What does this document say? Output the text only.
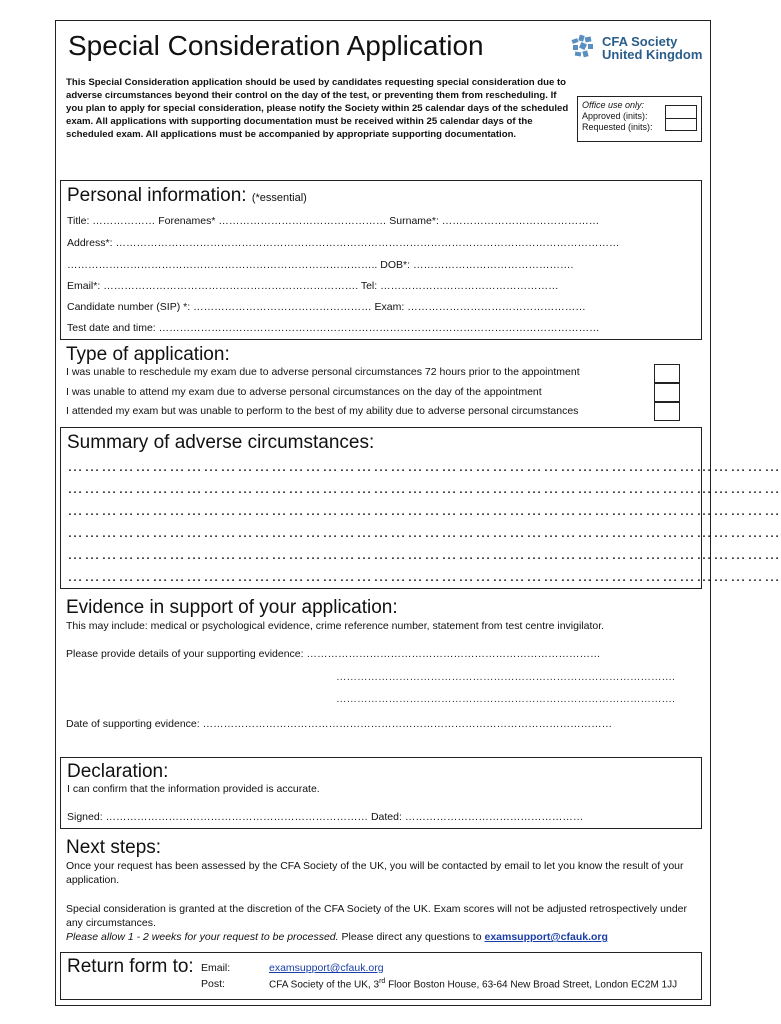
Special Consideration Application	CFA Society
United Kingdom
This Special Consideration application should be used by candidates requesting special consideration due to adverse circumstances beyond their control on the day of the test, or preventing them from rescheduling. If you plan to apply for special consideration, please notify the Society within 25 calendar days of the scheduled exam. All applications with supporting documentation must be received within 25 calendar days of the scheduled exam. All applications must be accompanied by appropriate supporting documentation.
Office use only:
Approved (inits):
Requested (inits):
Personal information: (*essential)
Title: ……………… Forenames* ………………………………………… Surname*: ………………………………………
Address*: ………………………………………………………………………………………………………………………………
…………………………………………………………………………….. DOB*: ……………………………………….
Email*: ………………………………………………………………. Tel: ……………………………………………
Candidate number (SIP) *: …………………………………………… Exam: ……………………………………………
Test date and time: ………………………………………………………………………………………………………………
Type of application:
I was unable to reschedule my exam due to adverse personal circumstances 72 hours prior to the appointment
I was unable to attend my exam due to adverse personal circumstances on the day of the appointment
I attended my exam but was unable to perform to the best of my ability due to adverse personal circumstances
Summary of adverse circumstances:
………………………………………………………………………………………………………………
………………………………………………………………………………………………………………
………………………………………………………………………………………………………………
………………………………………………………………………………………………………………
………………………………………………………………………………………………………………
………………………………………………………………………………………………………………
Evidence in support of your application:
This may include: medical or psychological evidence, crime reference number, statement from test centre invigilator.
Please provide details of your supporting evidence: …………………………………………………………………………
…………………………………………………………………………………….
…………………………………………………………………………………….
Date of supporting evidence: ………………………………………………………………………………………………………
Declaration:
I can confirm that the information provided is accurate.
Signed: ………………………………………………………………… Dated: ……………………………………………
Next steps:
Once your request has been assessed by the CFA Society of the UK, you will be contacted by email to let you know the result of your application.
Special consideration is granted at the discretion of the CFA Society of the UK. Exam scores will not be adjusted retrospectively under any circumstances.
Please allow 1 - 2 weeks for your request to be processed. Please direct any questions to examsupport@cfauk.org
Return form to: Email:	examsupport@cfauk.org
Post:	CFA Society of the UK, 3rd Floor Boston House, 63-64 New Broad Street, London EC2M 1JJ
